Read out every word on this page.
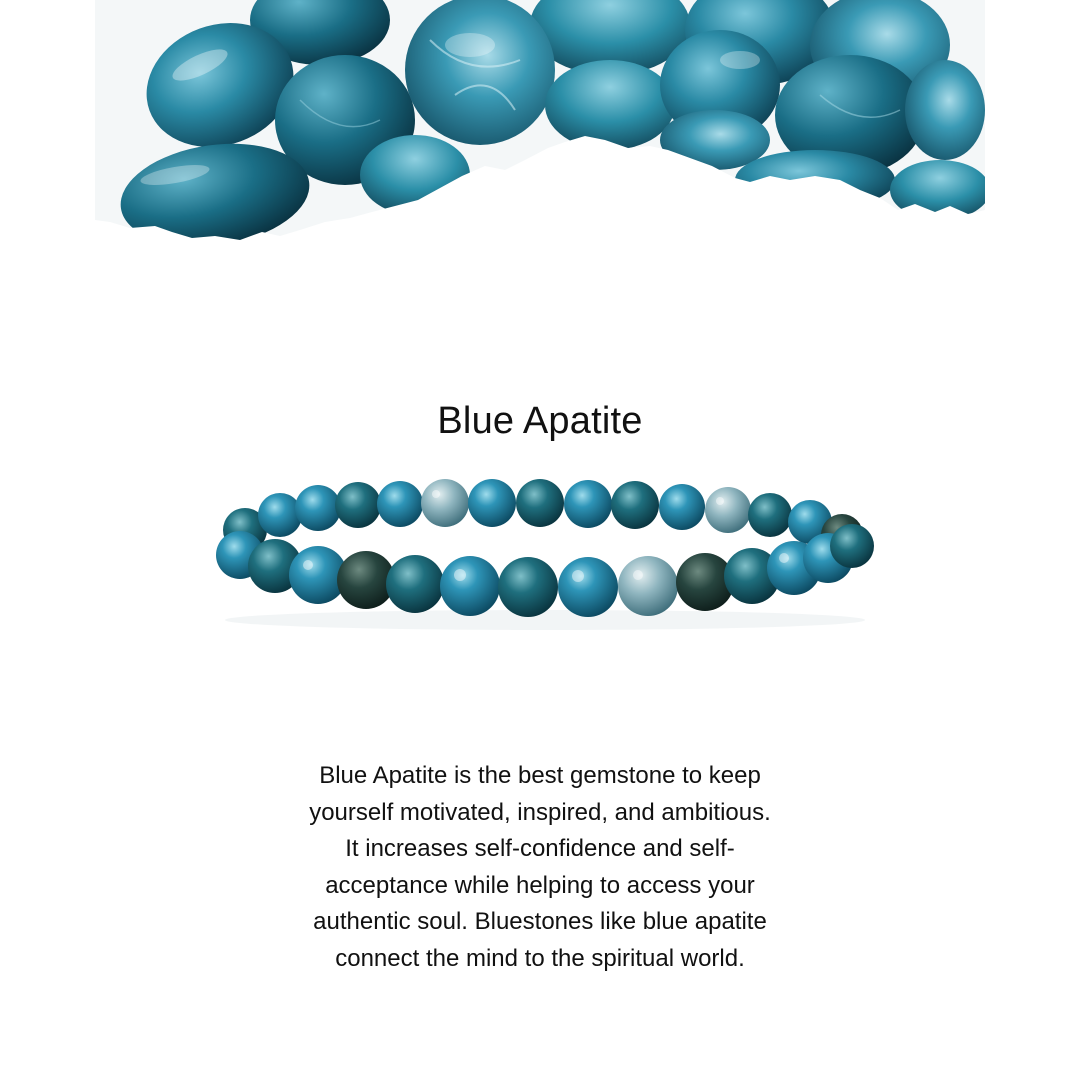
Blue Apatite

Blue Apatite is the best gemstone to keep
yourself motivated, inspired, and ambitious.
It increases self-confidence and self-
acceptance while helping to access your
authentic soul. Bluestones like blue apatite
connect the mind to the spiritual world.
